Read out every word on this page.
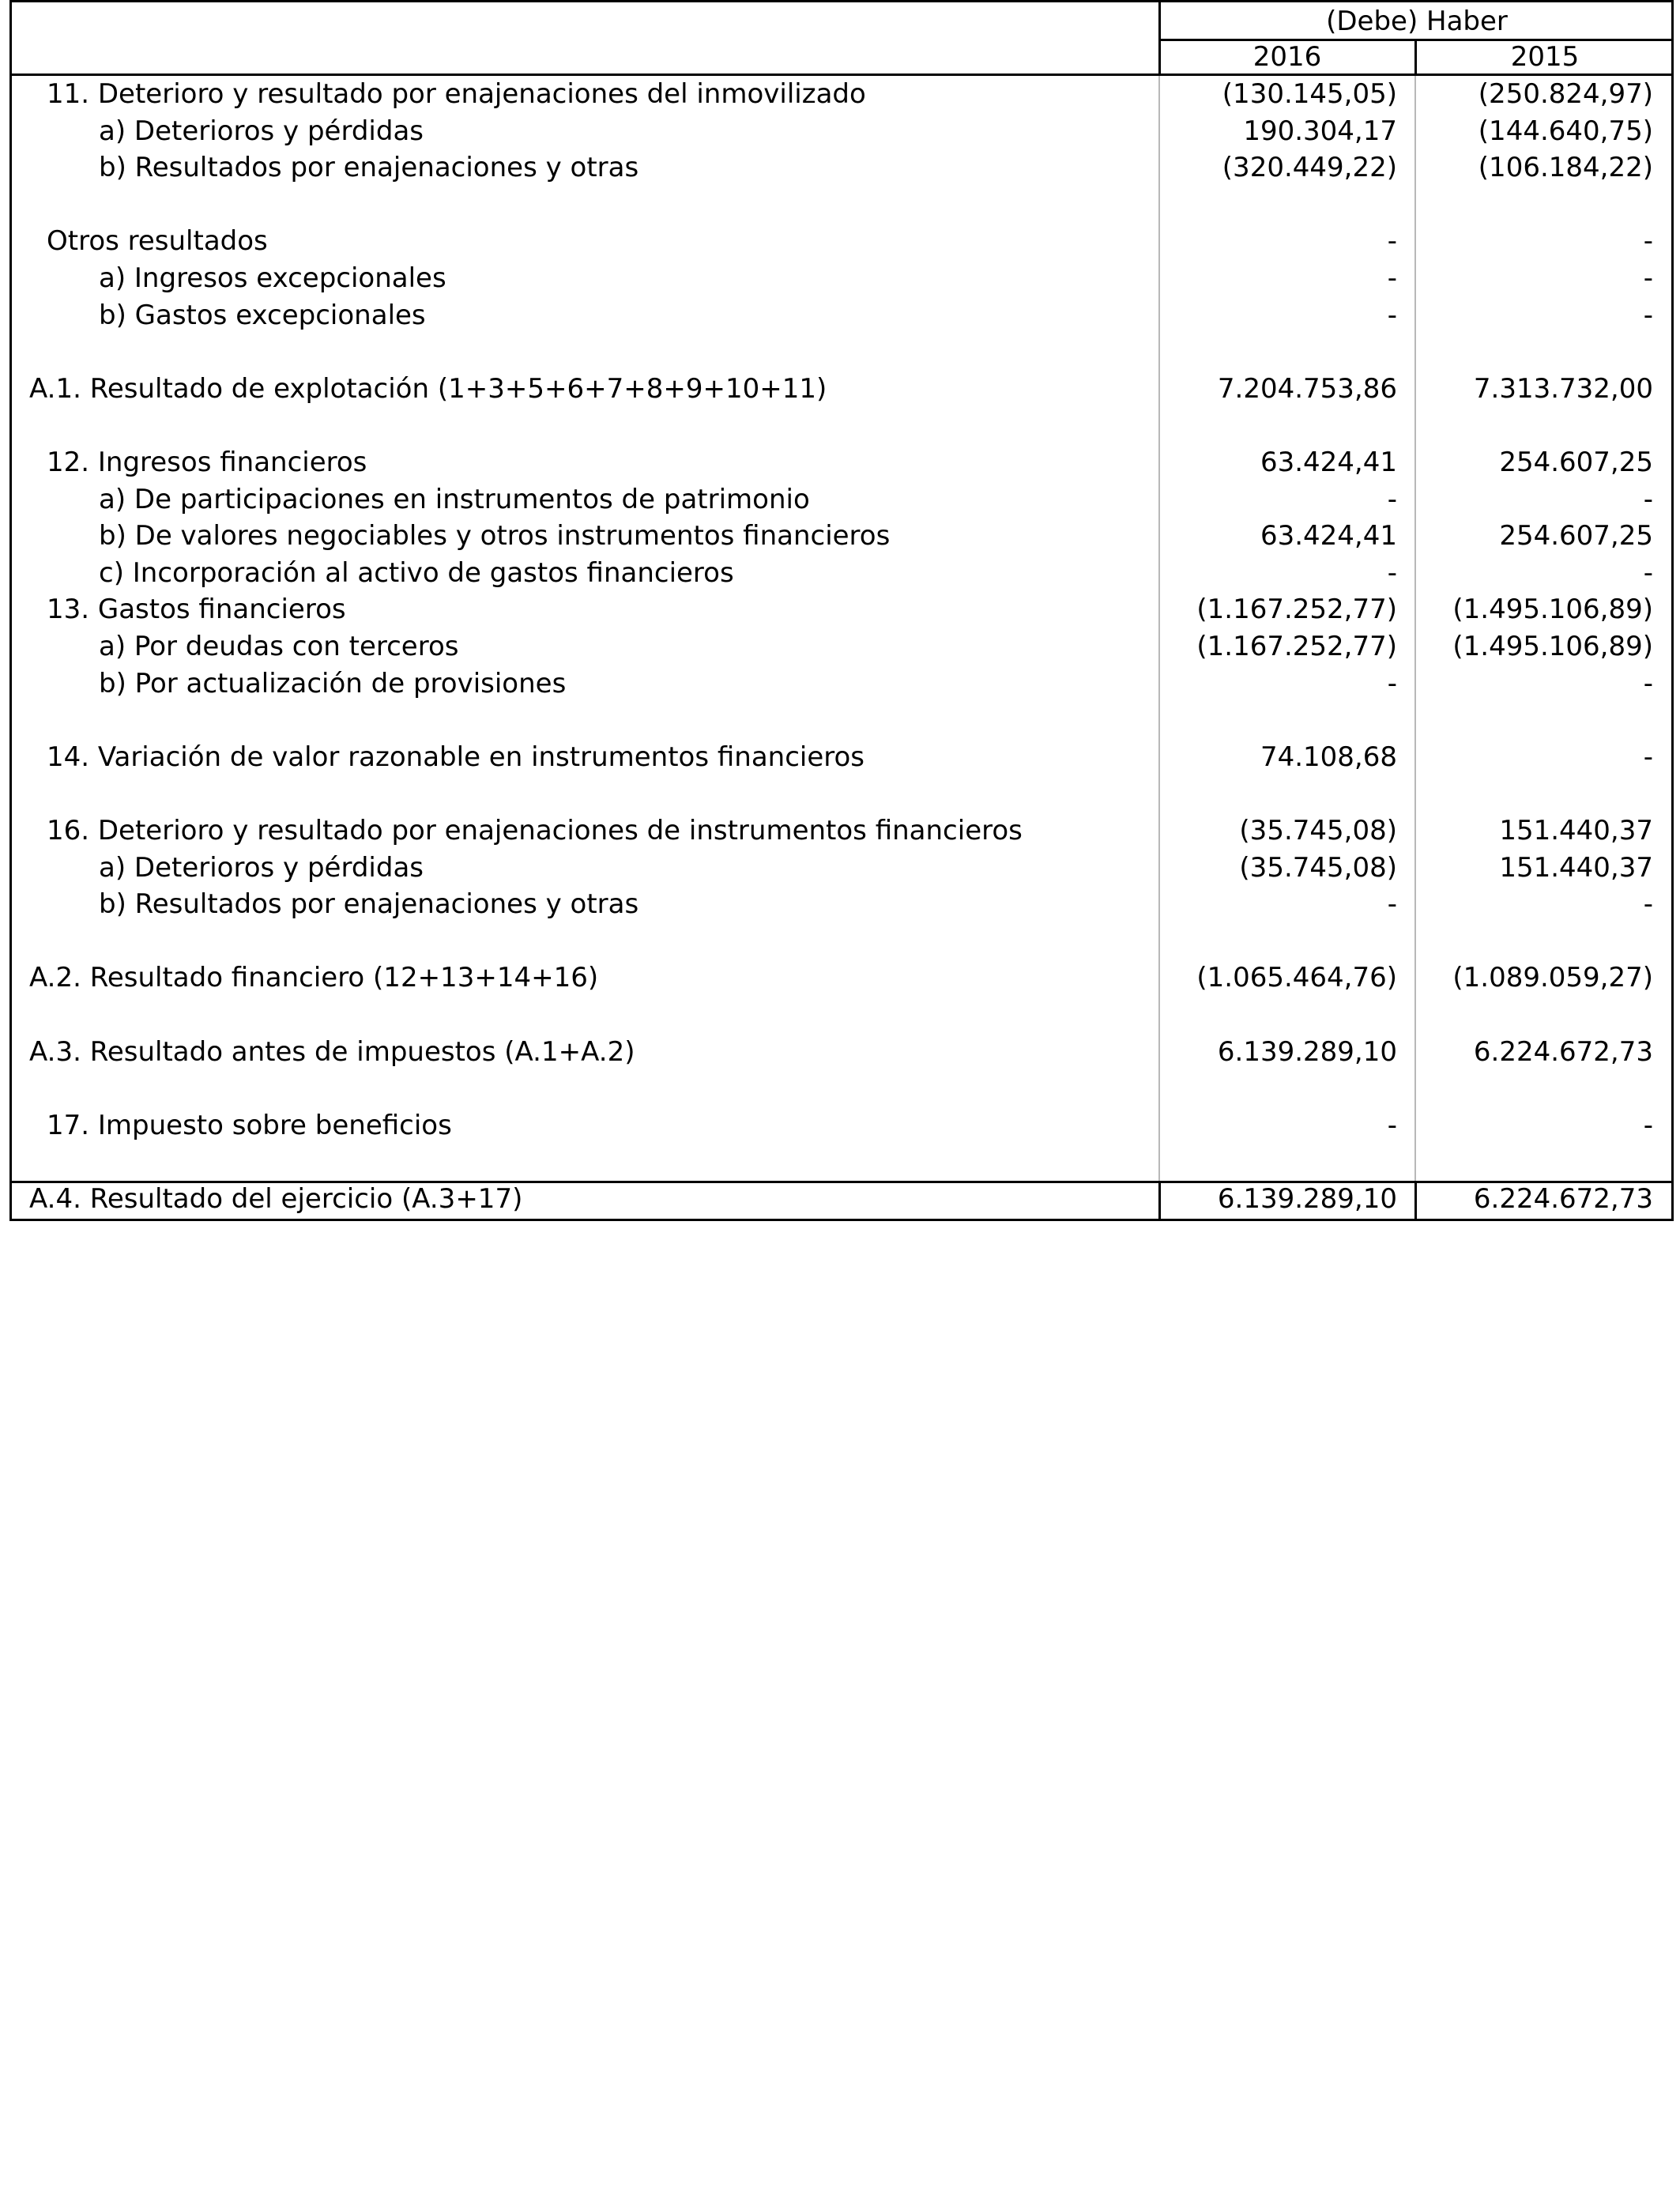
(Debe) Haber
2016	2015
11. Deterioro y resultado por enajenaciones del inmovilizado	(130.145,05)	(250.824,97)
a) Deterioros y pérdidas	190.304,17	(144.640,75)
b) Resultados por enajenaciones y otras	(320.449,22)	(106.184,22)
Otros resultados	-	-
a) Ingresos excepcionales	-	-
b) Gastos excepcionales	-	-
A.1. Resultado de explotación (1+3+5+6+7+8+9+10+11)	7.204.753,86	7.313.732,00
12. Ingresos financieros	63.424,41	254.607,25
a) De participaciones en instrumentos de patrimonio	-	-
b) De valores negociables y otros instrumentos financieros	63.424,41	254.607,25
c) Incorporación al activo de gastos financieros	-	-
13. Gastos financieros	(1.167.252,77)	(1.495.106,89)
a) Por deudas con terceros	(1.167.252,77)	(1.495.106,89)
b) Por actualización de provisiones	-	-
14. Variación de valor razonable en instrumentos financieros	74.108,68	-
16. Deterioro y resultado por enajenaciones de instrumentos financieros	(35.745,08)	151.440,37
a) Deterioros y pérdidas	(35.745,08)	151.440,37
b) Resultados por enajenaciones y otras	-	-
A.2. Resultado financiero (12+13+14+16)	(1.065.464,76)	(1.089.059,27)
A.3. Resultado antes de impuestos (A.1+A.2)	6.139.289,10	6.224.672,73
17. Impuesto sobre beneficios	-	-
A.4. Resultado del ejercicio (A.3+17)	6.139.289,10	6.224.672,73
